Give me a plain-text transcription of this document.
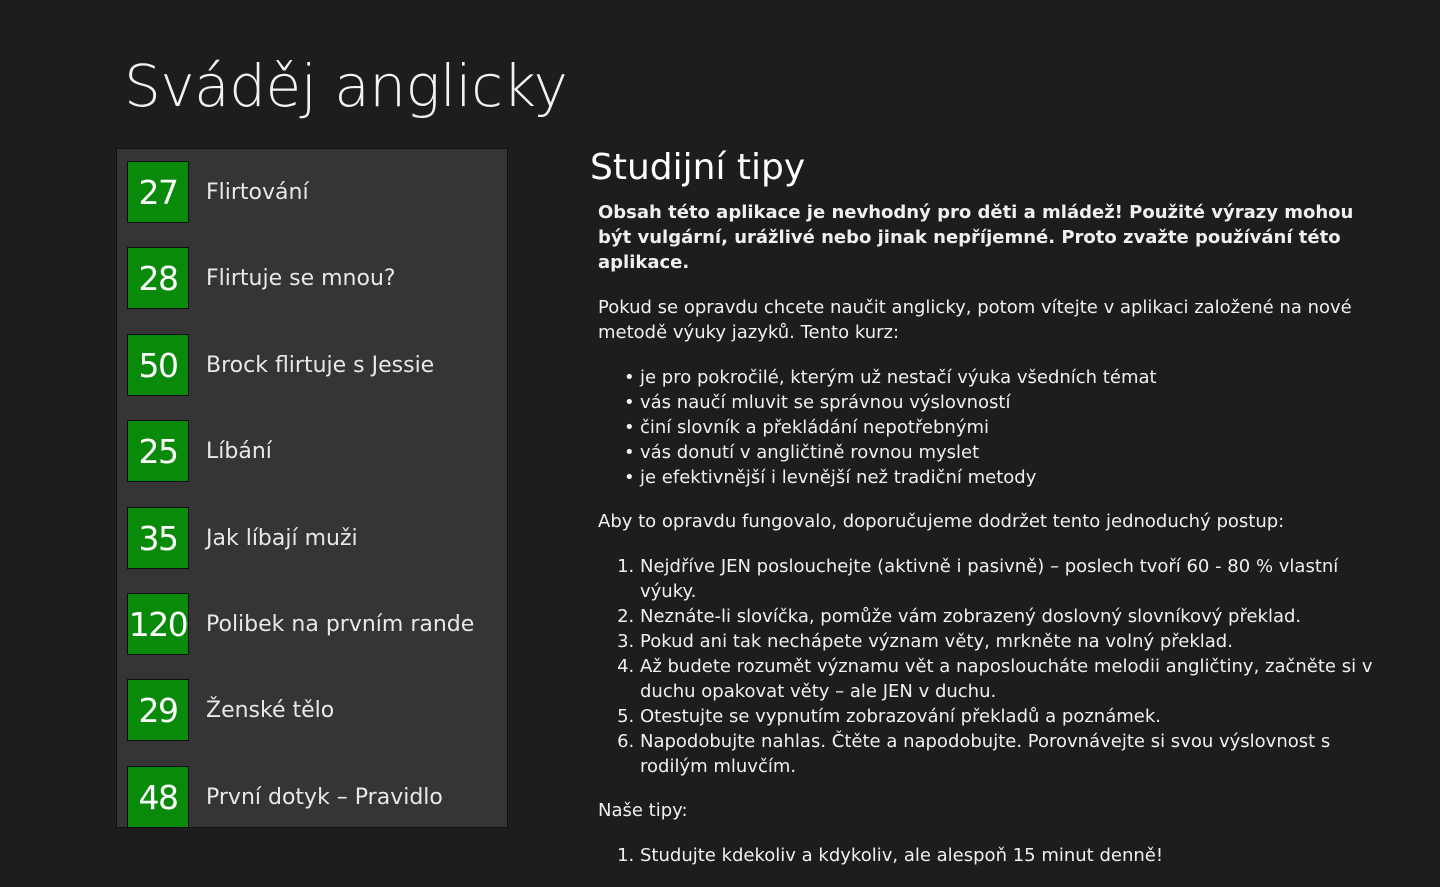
Sváděj anglicky
27	Flirtování
28	Flirtuje se mnou?
50	Brock flirtuje s Jessie
25	Líbání
35	Jak líbají muži
120 Polibek na prvním rande
29	Ženské tělo
48	První dotyk – Pravidlo
Studijní tipy

Obsah této aplikace je nevhodný pro děti a mládež! Použité výrazy mohou být vulgární, urážlivé nebo jinak nepříjemné. Proto zvažte používání této aplikace.

Pokud se opravdu chcete naučit anglicky, potom vítejte v aplikaci založené na nové metodě výuky jazyků. Tento kurz:

• je pro pokročilé, kterým už nestačí výuka všedních témat
• vás naučí mluvit se správnou výslovností
• činí slovník a překládání nepotřebnými
• vás donutí v angličtině rovnou myslet
• je efektivnější i levnější než tradiční metody

Aby to opravdu fungovalo, doporučujeme dodržet tento jednoduchý postup:

1. Nejdříve JEN poslouchejte (aktivně i pasivně) – poslech tvoří 60 - 80 % vlastní výuky.
2. Neznáte-li slovíčka, pomůže vám zobrazený doslovný slovníkový překlad.
3. Pokud ani tak nechápete význam věty, mrkněte na volný překlad.
4. Až budete rozumět významu vět a naposloucháte melodii angličtiny, začněte si v duchu opakovat věty – ale JEN v duchu.
5. Otestujte se vypnutím zobrazování překladů a poznámek.
6. Napodobujte nahlas. Čtěte a napodobujte. Porovnávejte si svou výslovnost s rodilým mluvčím.

Naše tipy:

1. Studujte kdekoliv a kdykoliv, ale alespoň 15 minut denně!
